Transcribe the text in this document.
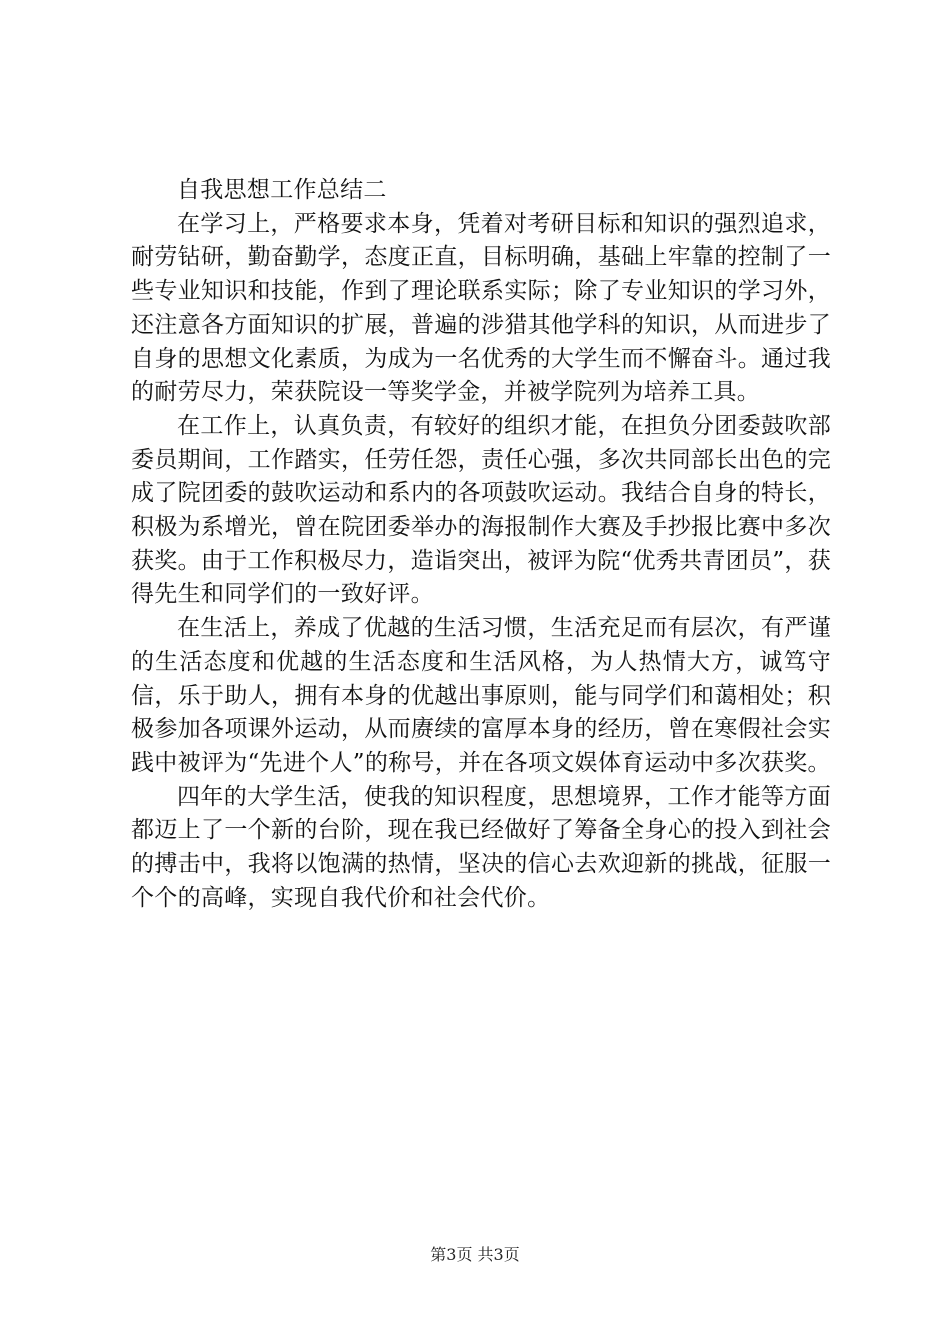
自我思想工作总结二

在学习上，严格要求本身，凭着对考研目标和知识的强烈追求，耐劳钻研，勤奋勤学，态度正直，目标明确，基础上牢靠的控制了一些专业知识和技能，作到了理论联系实际；除了专业知识的学习外，还注意各方面知识的扩展，普遍的涉猎其他学科的知识，从而进步了自身的思想文化素质，为成为一名优秀的大学生而不懈奋斗。通过我的耐劳尽力，荣获院设一等奖学金，并被学院列为培养工具。

在工作上，认真负责，有较好的组织才能，在担负分团委鼓吹部委员期间，工作踏实，任劳任怨，责任心强，多次共同部长出色的完成了院团委的鼓吹运动和系内的各项鼓吹运动。我结合自身的特长，积极为系增光，曾在院团委举办的海报制作大赛及手抄报比赛中多次获奖。由于工作积极尽力，造诣突出，被评为院“优秀共青团员”，获得先生和同学们的一致好评。

在生活上，养成了优越的生活习惯，生活充足而有层次，有严谨的生活态度和优越的生活态度和生活风格，为人热情大方，诚笃守信，乐于助人，拥有本身的优越出事原则，能与同学们和蔼相处；积极参加各项课外运动，从而赓续的富厚本身的经历，曾在寒假社会实践中被评为“先进个人”的称号，并在各项文娱体育运动中多次获奖。

四年的大学生活，使我的知识程度，思想境界，工作才能等方面都迈上了一个新的台阶，现在我已经做好了筹备全身心的投入到社会的搏击中，我将以饱满的热情，坚决的信心去欢迎新的挑战，征服一个个的高峰，实现自我代价和社会代价。

第3页 共3页
